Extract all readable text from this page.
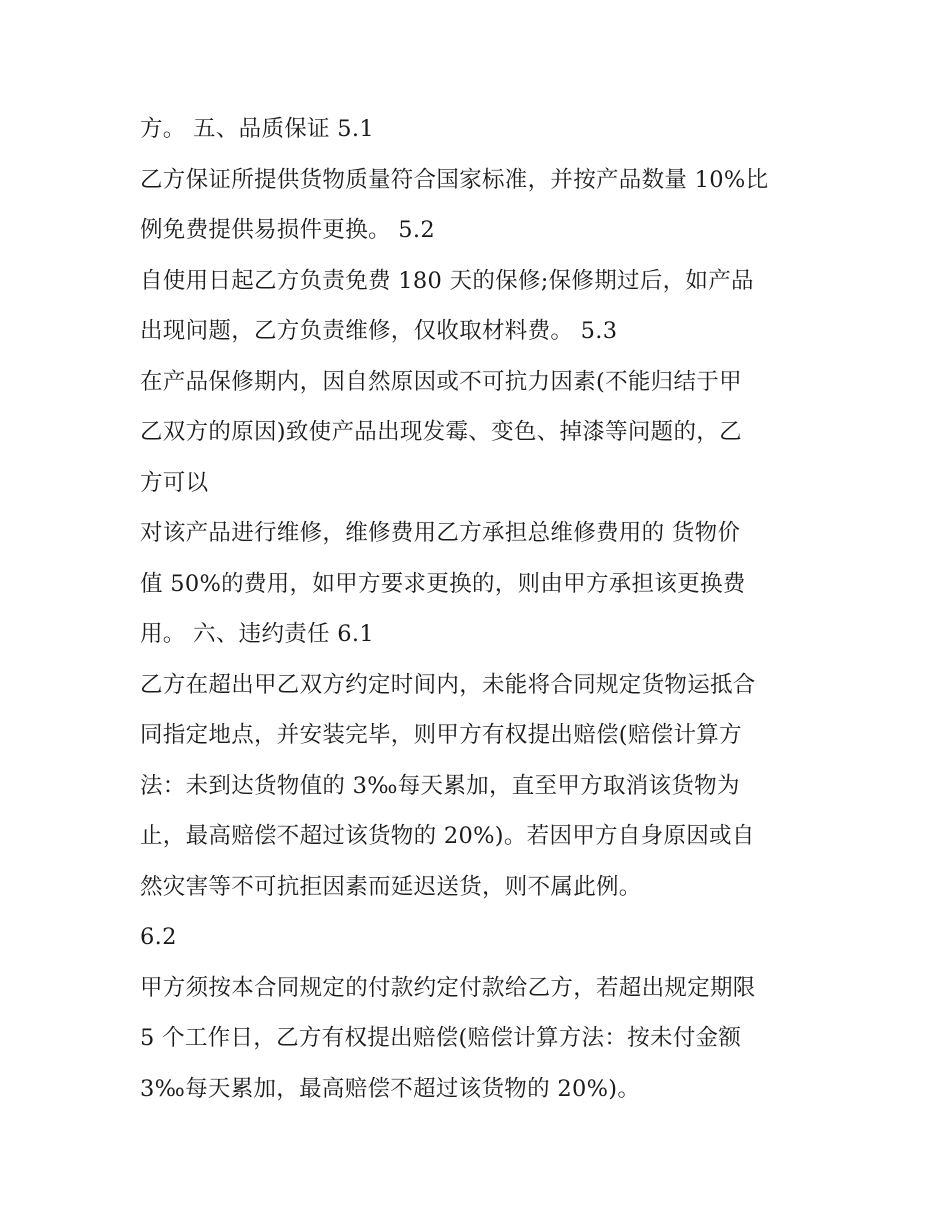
方。 五、品质保证 5.1
乙方保证所提供货物质量符合国家标准，并按产品数量 10%比
例免费提供易损件更换。 5.2
自使用日起乙方负责免费 180 天的保修;保修期过后，如产品
出现问题，乙方负责维修，仅收取材料费。 5.3
在产品保修期内，因自然原因或不可抗力因素(不能归结于甲
乙双方的原因)致使产品出现发霉、变色、掉漆等问题的，乙
方可以
对该产品进行维修，维修费用乙方承担总维修费用的 货物价
值 50%的费用，如甲方要求更换的，则由甲方承担该更换费
用。 六、违约责任 6.1
乙方在超出甲乙双方约定时间内，未能将合同规定货物运抵合
同指定地点，并安装完毕，则甲方有权提出赔偿(赔偿计算方
法：未到达货物值的 3‰每天累加，直至甲方取消该货物为
止，最高赔偿不超过该货物的 20%)。若因甲方自身原因或自
然灾害等不可抗拒因素而延迟送货，则不属此例。
6.2
甲方须按本合同规定的付款约定付款给乙方，若超出规定期限
5 个工作日，乙方有权提出赔偿(赔偿计算方法：按未付金额
3‰每天累加，最高赔偿不超过该货物的 20%)。
